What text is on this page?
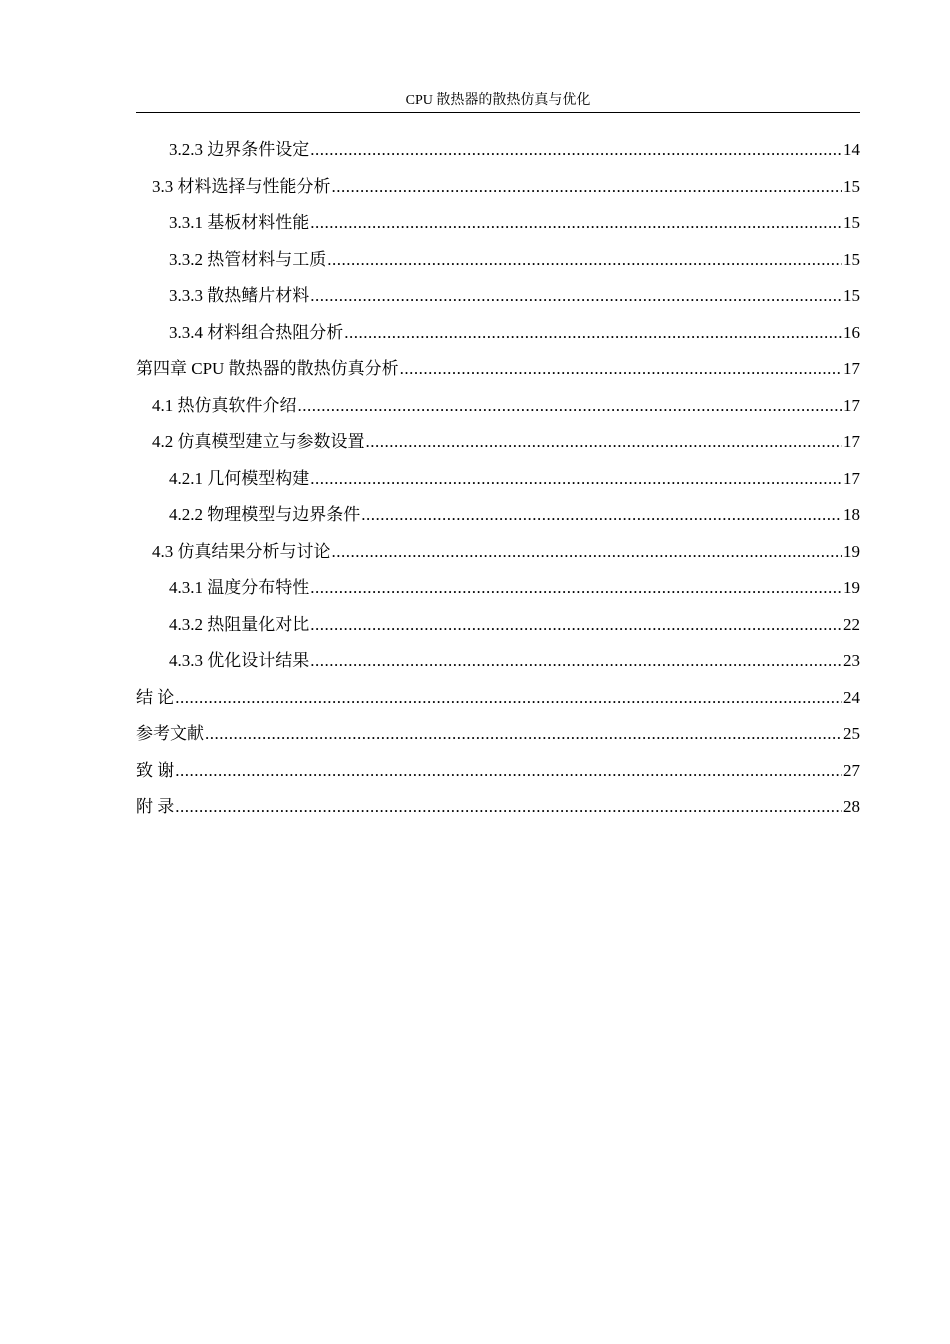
CPU 散热器的散热仿真与优化
3.2.3 边界条件设定 .....	14
3.3 材料选择与性能分析 .....	15
3.3.1 基板材料性能 .....	15
3.3.2 热管材料与工质 .....	15
3.3.3 散热鳍片材料 .....	15
3.3.4 材料组合热阻分析 .....	16
第四章 CPU 散热器的散热仿真分析 .....	17
4.1 热仿真软件介绍 .....	17
4.2 仿真模型建立与参数设置 .....	17
4.2.1 几何模型构建 .....	17
4.2.2 物理模型与边界条件 .....	18
4.3 仿真结果分析与讨论 .....	19
4.3.1 温度分布特性 .....	19
4.3.2 热阻量化对比 .....	22
4.3.3 优化设计结果 .....	23
结 论 .....	24
参考文献 .....	25
致 谢 .....	27
附 录 .....	28
